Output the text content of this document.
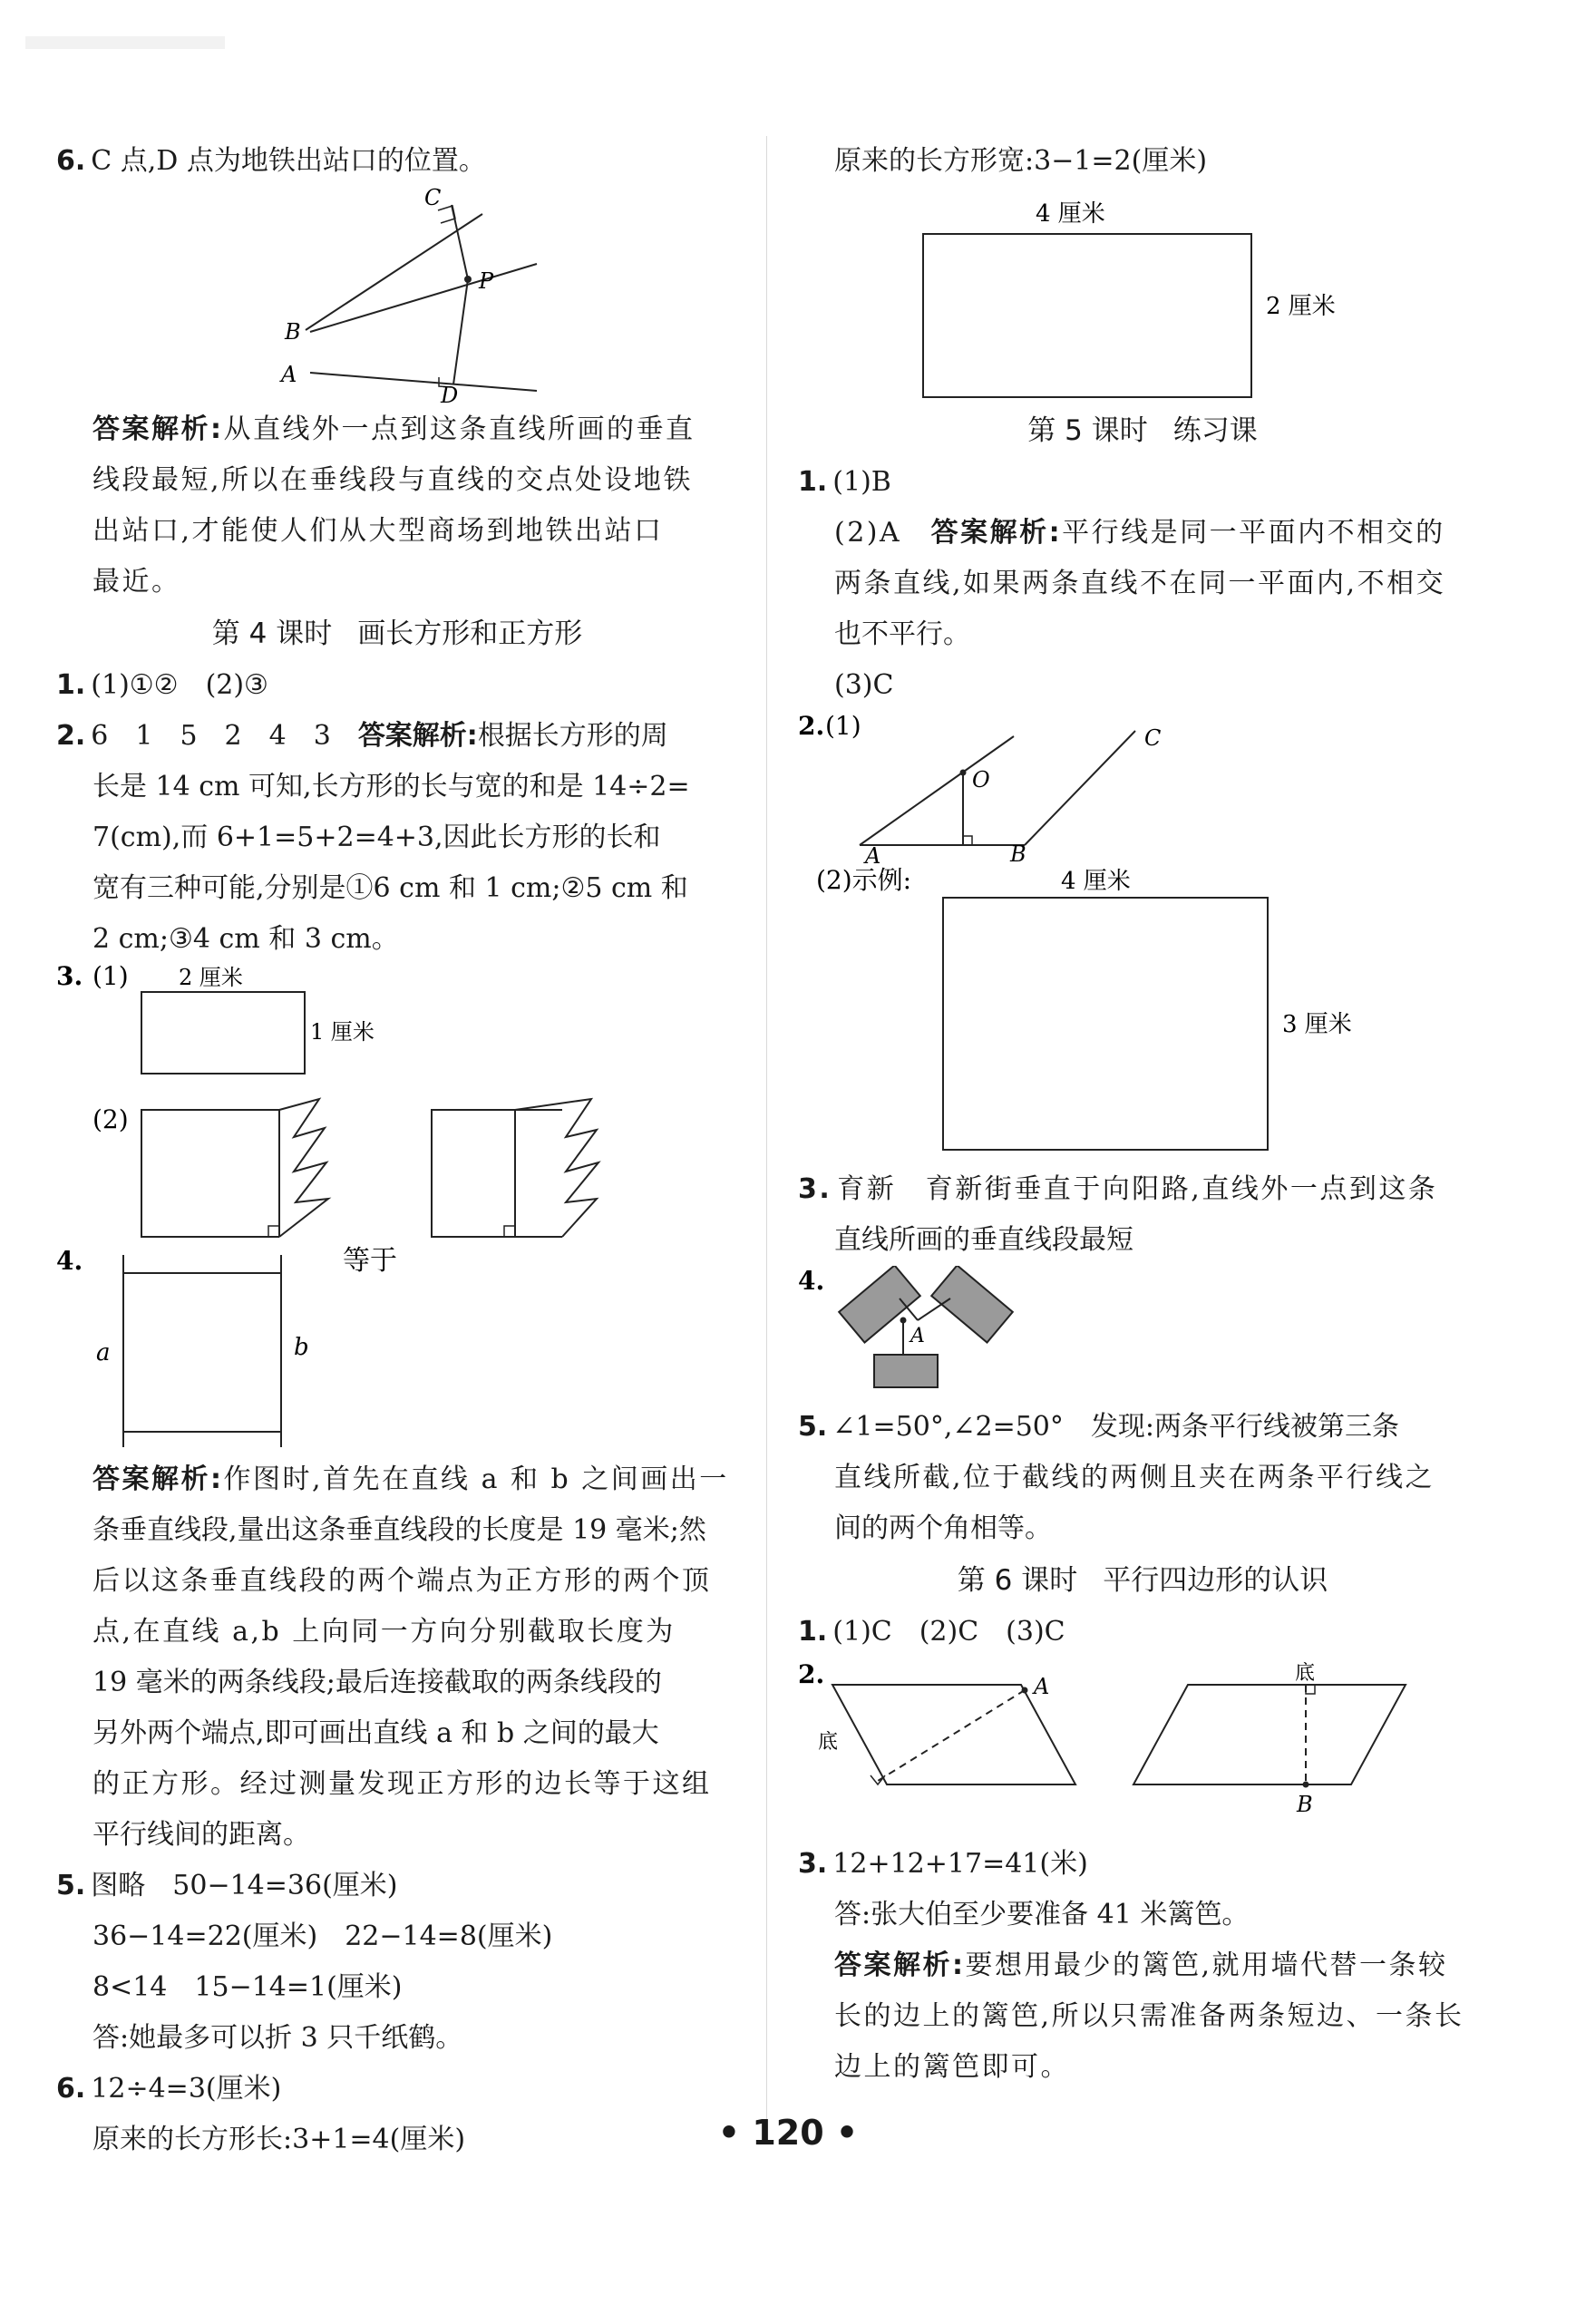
6. C 点,D 点为地铁出站口的位置。
C
B
P
A
D
答案解析:从直线外一点到这条直线所画的垂直
线段最短,所以在垂线段与直线的交点处设地铁
出站口,才能使人们从大型商场到地铁出站口
最近。
第 4 课时 画长方形和正方形
1. (1)①②　(2)③
2. 6　1　5　2　4　3　答案解析:根据长方形的周
长是 14 cm 可知,长方形的长与宽的和是 14÷2=
7(cm),而 6+1=5+2=4+3,因此长方形的长和
宽有三种可能,分别是①6 cm 和 1 cm;②5 cm 和
2 cm;③4 cm 和 3 cm。
3. (1) 2 厘米
1 厘米
(2)
4.	等于
a	b
答案解析:作图时,首先在直线 a 和 b 之间画出一
条垂直线段,量出这条垂直线段的长度是 19 毫米;然
后以这条垂直线段的两个端点为正方形的两个顶
点,在直线 a,b 上向同一方向分别截取长度为
19 毫米的两条线段;最后连接截取的两条线段的
另外两个端点,即可画出直线 a 和 b 之间的最大
的正方形。经过测量发现正方形的边长等于这组
平行线间的距离。
5. 图略　50−14=36(厘米)
36−14=22(厘米)　22−14=8(厘米)
8<14　15−14=1(厘米)
答:她最多可以折 3 只千纸鹤。
6. 12÷4=3(厘米)
原来的长方形长:3+1=4(厘米)
原来的长方形宽:3−1=2(厘米)
4 厘米
2 厘米
第 5 课时 练习课
1. (1)B
(2)A　答案解析:平行线是同一平面内不相交的
两条直线,如果两条直线不在同一平面内,不相交
也不平行。
(3)C
2. (1)
O
C
A	B
(2)示例:	4 厘米
3 厘米
3. 育新　育新街垂直于向阳路,直线外一点到这条
直线所画的垂直线段最短
4.
A
5. ∠1=50°,∠2=50°　发现:两条平行线被第三条
直线所截,位于截线的两侧且夹在两条平行线之
间的两个角相等。
第 6 课时 平行四边形的认识
1. (1)C　(2)C　(3)C
2.	A
底
底
B
3. 12+12+17=41(米)
答:张大伯至少要准备 41 米篱笆。
答案解析:要想用最少的篱笆,就用墙代替一条较
长的边上的篱笆,所以只需准备两条短边、一条长
边上的篱笆即可。
• 120 •
